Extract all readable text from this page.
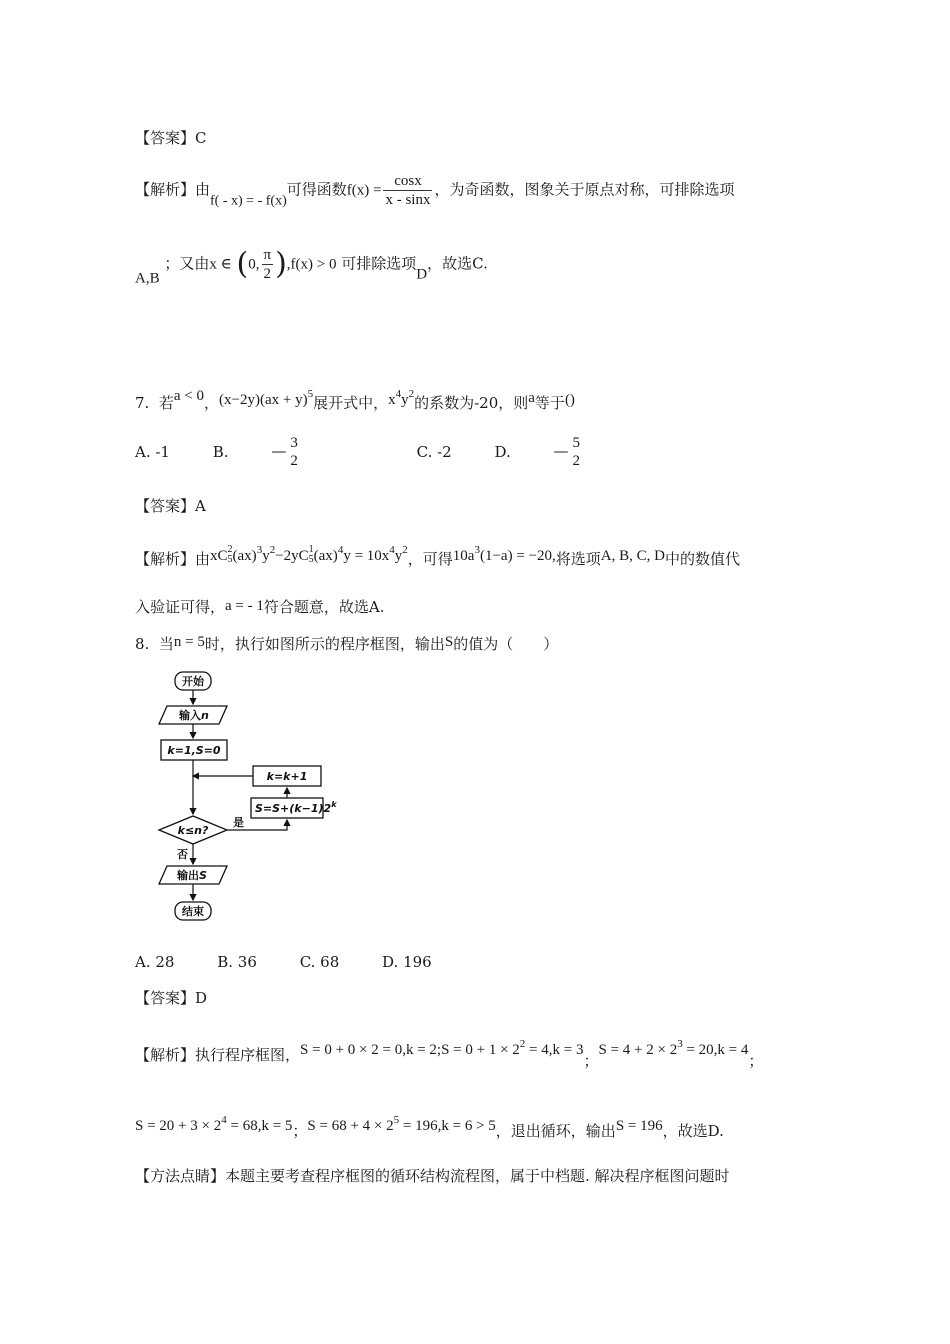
【答案】C
【解析】由f( - x) = - f(x)可得函数$f(x) = \frac{\cos x}{x - \sin x}$ ，为奇函数，图象关于原点对称，可排除选项
A,B ；又由x ∈ (0, $\frac{\pi}{2} ),f(x) > 0$ 可排除选项D，故选C.
7. 若a < 0，(x−2y)(ax + y)$^5$展开式中，$x^4y^2$的系数为-20，则a等于()
A. -1	B.	— 3
2	C. -2	D.	— 5
2
【答案】A
【解析】由xC 2
5 $(ax)^3y^2-2yC$ 1
5 $(ax)^4y = 10x^4y^2$，可得$10a^3(1-a) = -20$,将选项A, B, C, D中的数值代
入验证可得，a = - 1符合题意，故选A.
8. 当n = 5时，执行如图所示的程序框图，输出S的值为（　　）
开始
输入n
k=1,S=0
k=k+1
$S=S+(k-1)2^k$
k≤n?
是
否
输出S
结束
A. 28	B. 36	C. 68	D. 196
【答案】D
【解析】执行程序框图，S = 0 + 0 × 2 = 0,k = 2;S = $0 + 1 \times 2^2 = 4,k = 3$；$S = 4 + 2 \times 2^3 = 20,k = 4$；
$S = 20 + 3 \times 2^4 = 68,k = 5$；$S = 68 + 4 \times 2^5 = 196,k = 6 > 5$，退出循环，输出S = 196，故选D.
【方法点睛】本题主要考查程序框图的循环结构流程图，属于中档题. 解决程序框图问题时
